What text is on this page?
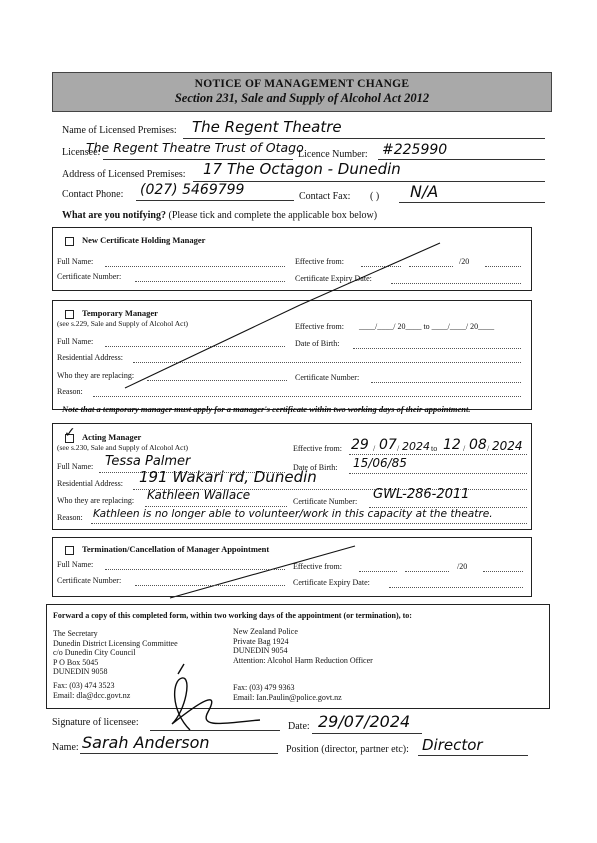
NOTICE OF MANAGEMENT CHANGE
Section 231, Sale and Supply of Alcohol Act 2012
Name of Licensed Premises: The Regent Theatre
Licensee:
The Regent Theatre Trust of Otago
Licence Number: #225990
Address of Licensed Premises: 17 The Octagon - Dunedin
Contact Phone: (027) 5469799	Contact Fax: ( ) N/A
What are you notifying? (Please tick and complete the applicable box below)
New Certificate Holding Manager
Full Name:	Effective from:	/20
Certificate Number:	Certificate Expiry Date:
Temporary Manager
(see s.229, Sale and Supply of Alcohol Act)	Effective from: ____/____/ 20____ to ____/____/ 20____
Full Name:	Date of Birth:
Residential Address:
Who they are replacing:	Certificate Number:
Reason:
Note that a temporary manager must apply for a manager's certificate within two working days of their appointment.
✓ Acting Manager
(see s.230, Sale and Supply of Alcohol Act)	Effective from: 29 / 07 / 2024 to 12 / 08 / 2024
Full Name: Tessa Palmer	Date of Birth: 15/06/85
Residential Address: 191 Wakari rd, Dunedin
Who they are replacing: Kathleen Wallace	Certificate Number: GWL-286-2011
Reason: Kathleen is no longer able to volunteer/work in this capacity at the theatre.
Termination/Cancellation of Manager Appointment
Full Name:	Effective from:	/20
Certificate Number:	Certificate Expiry Date:
Forward a copy of this completed form, within two working days of the appointment (or termination), to:
The Secretary
Dunedin District Licensing Committee
c/o Dunedin City Council
P O Box 5045
DUNEDIN 9058
Fax: (03) 474 3523
Email: dla@dcc.govt.nz
New Zealand Police
Private Bag 1924
DUNEDIN 9054
Attention: Alcohol Harm Reduction Officer
Fax: (03) 479 9363
Email: Ian.Paulin@police.govt.nz
Signature of licensee:	Date: 29/07/2024
Name: Sarah Anderson	Position (director, partner etc): Director
